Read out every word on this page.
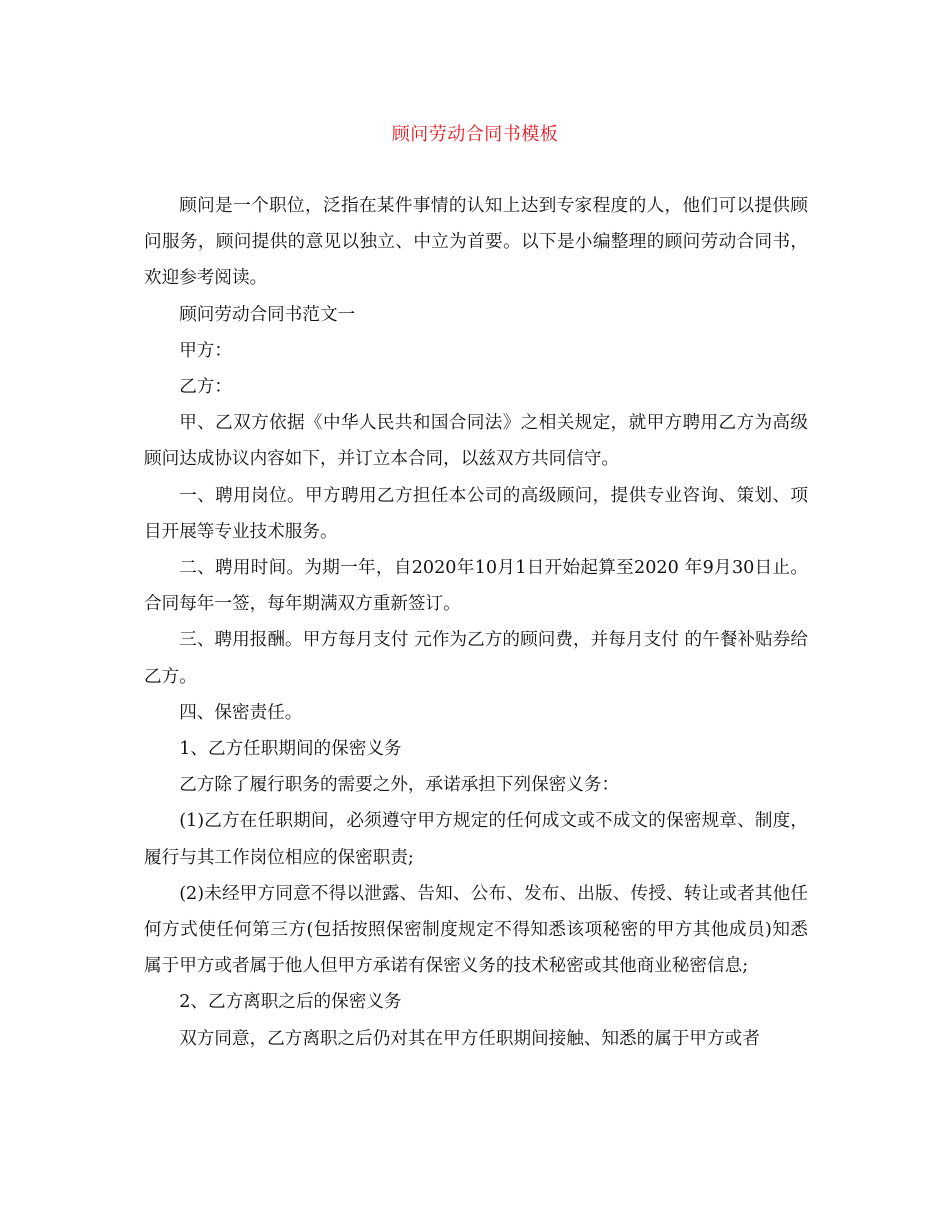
顾问劳动合同书模板

顾问是一个职位，泛指在某件事情的认知上达到专家程度的人，他们可以提供顾问服务，顾问提供的意见以独立、中立为首要。以下是小编整理的顾问劳动合同书，欢迎参考阅读。

顾问劳动合同书范文一

甲方：

乙方：

甲、乙双方依据《中华人民共和国合同法》之相关规定，就甲方聘用乙方为高级顾问达成协议内容如下，并订立本合同，以兹双方共同信守。

一、聘用岗位。甲方聘用乙方担任本公司的高级顾问，提供专业咨询、策划、项目开展等专业技术服务。

二、聘用时间。为期一年，自2020年10月1日开始起算至2020 年9月30日止。合同每年一签，每年期满双方重新签订。

三、聘用报酬。甲方每月支付 元作为乙方的顾问费，并每月支付 的午餐补贴券给乙方。

四、保密责任。

1、乙方任职期间的保密义务

乙方除了履行职务的需要之外，承诺承担下列保密义务：

(1)乙方在任职期间，必须遵守甲方规定的任何成文或不成文的保密规章、制度，履行与其工作岗位相应的保密职责;

(2)未经甲方同意不得以泄露、告知、公布、发布、出版、传授、转让或者其他任何方式使任何第三方(包括按照保密制度规定不得知悉该项秘密的甲方其他成员)知悉属于甲方或者属于他人但甲方承诺有保密义务的技术秘密或其他商业秘密信息;

2、乙方离职之后的保密义务

双方同意，乙方离职之后仍对其在甲方任职期间接触、知悉的属于甲方或者
